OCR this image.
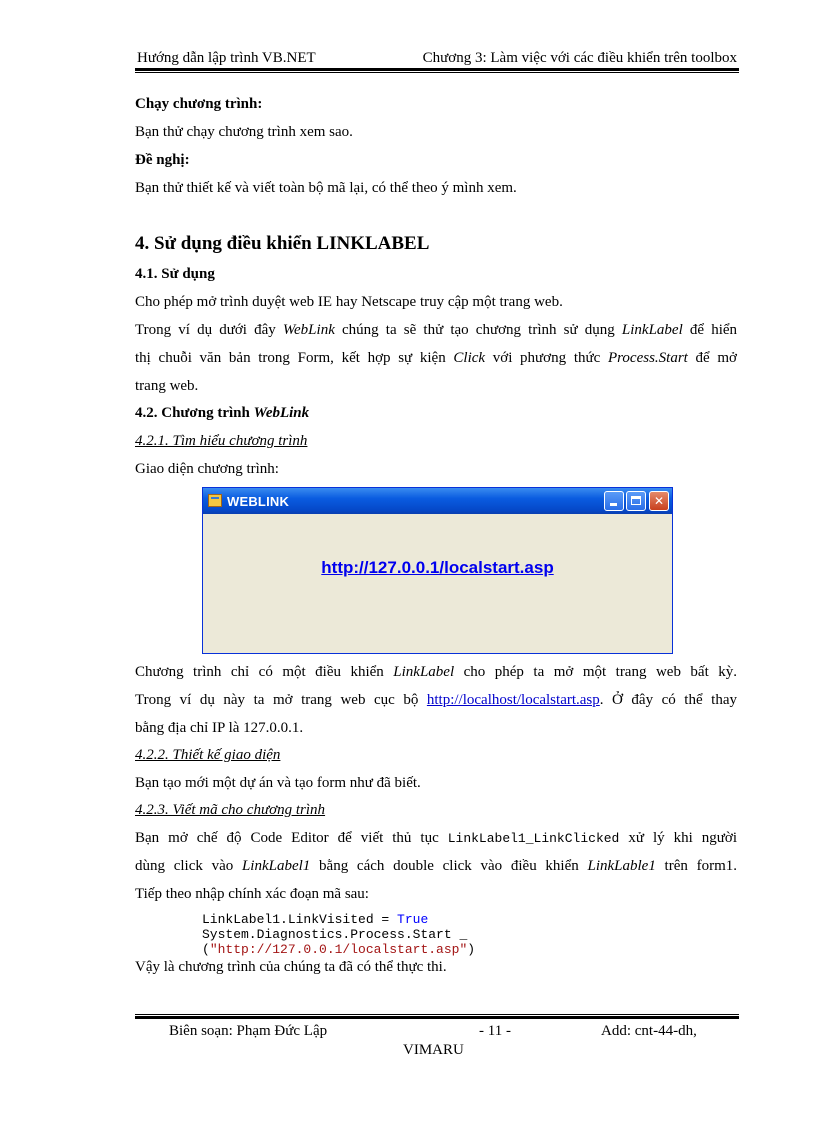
Hướng dẫn lập trình VB.NET	Chương 3: Làm việc với các điều khiển trên toolbox
Chạy chương trình:
Bạn thử chạy chương trình xem sao.
Đề nghị:
Bạn thử thiết kế và viết toàn bộ mã lại, có thể theo ý mình xem.
4. Sử dụng điều khiển LINKLABEL
4.1. Sử dụng
Cho phép mở trình duyệt web IE hay Netscape truy cập một trang web.
Trong ví dụ dưới đây WebLink chúng ta sẽ thử tạo chương trình sử dụng LinkLabel để hiển
thị chuỗi văn bản trong Form, kết hợp sự kiện Click với phương thức Process.Start để mở
trang web.
4.2. Chương trình WebLink
4.2.1. Tìm hiểu chương trình
Giao diện chương trình:
WEBLINK	✕
http://127.0.0.1/localstart.asp
Chương trình chỉ có một điều khiển LinkLabel cho phép ta mở một trang web bất kỳ.
Trong ví dụ này ta mở trang web cục bộ http://localhost/localstart.asp. Ở đây có thể thay
bằng địa chỉ IP là 127.0.0.1.
4.2.2. Thiết kế giao diện
Bạn tạo mới một dự án và tạo form như đã biết.
4.2.3. Viết mã cho chương trình
Bạn mở chế độ Code Editor để viết thủ tục LinkLabel1_LinkClicked xử lý khi người
dùng click vào LinkLabel1 bằng cách double click vào điều khiển LinkLable1 trên form1.
Tiếp theo nhập chính xác đoạn mã sau:
LinkLabel1.LinkVisited = True
System.Diagnostics.Process.Start _
("http://127.0.0.1/localstart.asp")
Vậy là chương trình của chúng ta đã có thể thực thi.
Biên soạn: Phạm Đức Lập	- 11 -	Add: cnt-44-dh,
VIMARU
